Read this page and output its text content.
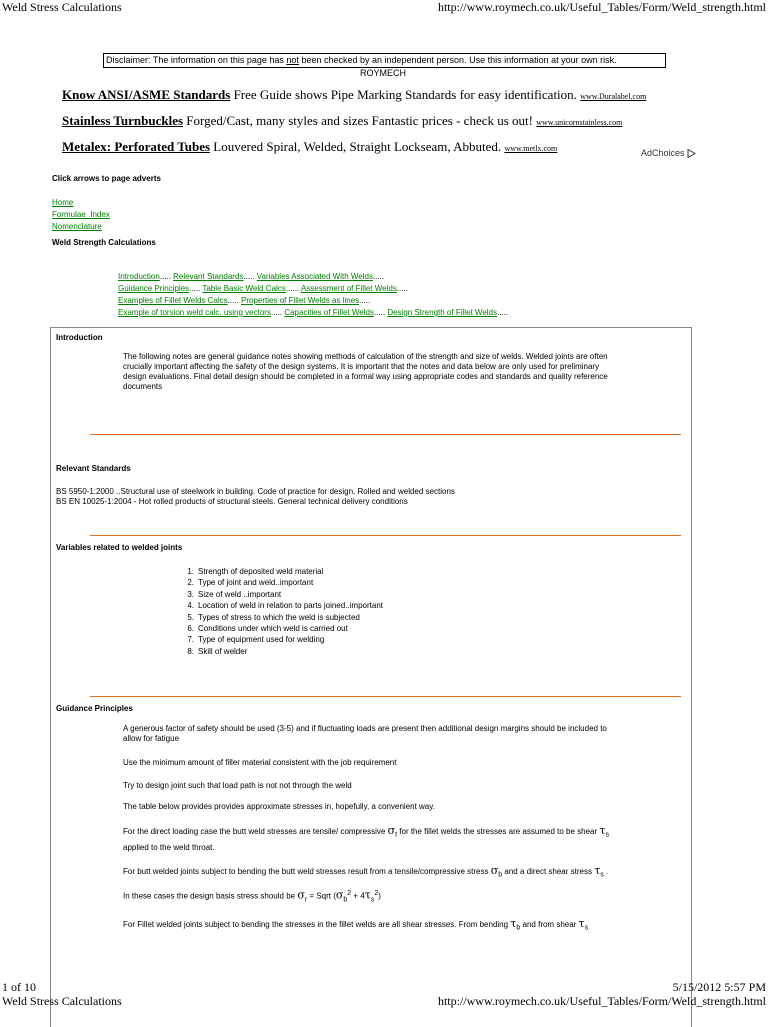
Weld Stress Calculations	http://www.roymech.co.uk/Useful_Tables/Form/Weld_strength.html
Disclaimer: The information on this page has not been checked by an independent person. Use this information at your own risk.
ROYMECH
Know ANSI/ASME Standards Free Guide shows Pipe Marking Standards for easy identification. www.Duralabel.com
Stainless Turnbuckles Forged/Cast, many styles and sizes Fantastic prices - check us out! www.unicornstainless.com
Metalex: Perforated Tubes Louvered Spiral, Welded, Straight Lockseam, Abbuted. www.metlx.com	AdChoices
Click arrows to page adverts
Home
Formulae_Index
Nomenclature
Weld Strength Calculations
Introduction..... Relevant Standards..... Variables Associated With Welds.....
Guidance Principles..... Table Basic Weld Calcs...... Assessment of Fillet Welds.....
Examples of Fillet Welds Calcs..... Properties of Fillet Welds as lines.....
Example of torsion weld calc. using vectors..... Capacities of Fillet Welds..... Design Strength of Fillet Welds.....
Introduction
The following notes are general guidance notes showing methods of calculation of the strength and size of welds. Welded joints are often
crucially important affecting the safety of the design systems. It is important that the notes and data below are only used for preliminary
design evaluations. Final detail design should be completed in a formal way using appropriate codes and standards and quality reference
documents
Relevant Standards
BS 5950-1:2000 ..Structural use of steelwork in building. Code of practice for design. Rolled and welded sections
BS EN 10025-1:2004 - Hot rolled products of structural steels. General technical delivery conditions
Variables related to welded joints
1. Strength of deposited weld material
2. Type of joint and weld..important
3. Size of weld ..important
4. Location of weld in relation to parts joined..important
5. Types of stress to which the weld is subjected
6. Conditions under which weld is carried out
7. Type of equipment used for welding
8. Skill of welder
Guidance Principles
A generous factor of safety should be used (3-5) and if fluctuating loads are present then additional design margins should be included to
allow for fatigue
Use the minimum amount of filler material consistent with the job requirement
Try to design joint such that load path is not not through the weld
The table below provides provides approximate stresses in, hopefully, a convenient way.
For the direct loading case the butt weld stresses are tensile/ compressive $\sigma_t$ for the fillet welds the stresses are assumed to be shear $\tau_s$
applied to the weld throat.
For butt welded joints subject to bending the butt weld stresses result from a tensile/compressive stress $\sigma_b$ and a direct shear stress $\tau_s$ .
In these cases the design basis stress should be $\sigma_r$ = Sqrt $(\sigma_b^2 + 4\tau_s^2)$
For Fillet welded joints subject to bending the stresses in the fillet welds are all shear stresses. From bending $\tau_b$ and from shear $\tau_s$
1 of 10	5/15/2012 5:57 PM
Weld Stress Calculations	http://www.roymech.co.uk/Useful_Tables/Form/Weld_strength.html
